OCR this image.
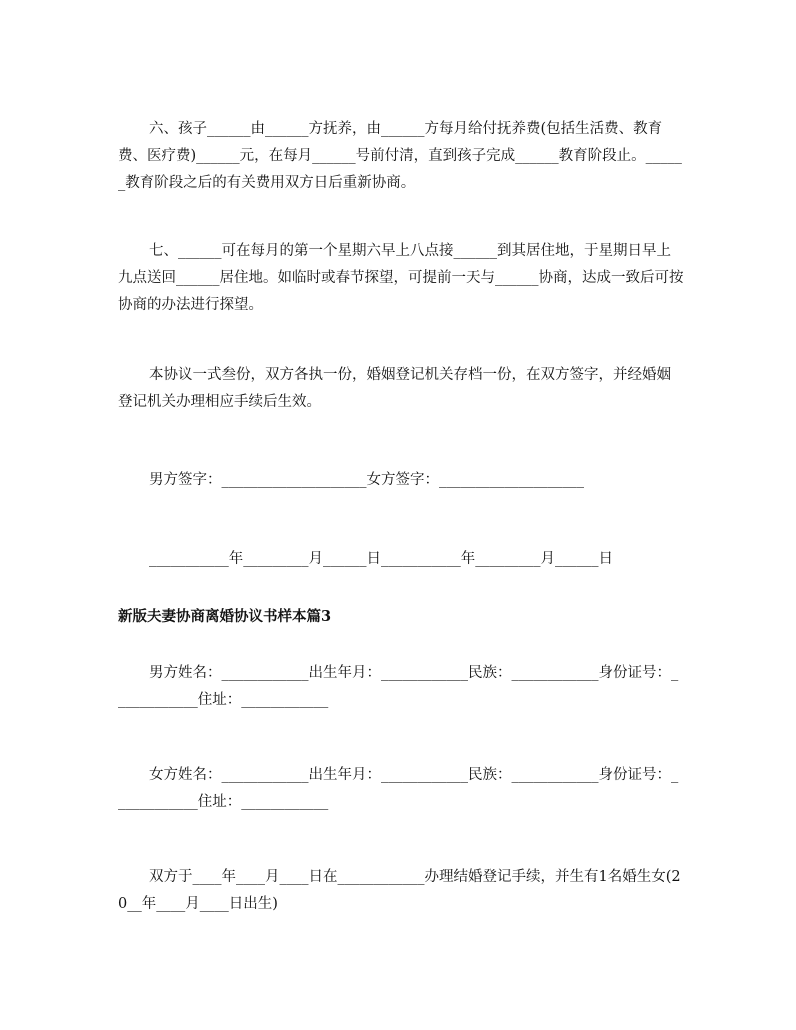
六、孩子______由______方抚养，由______方每月给付抚养费(包括生活费、教育费、医疗费)______元，在每月______号前付清，直到孩子完成______教育阶段止。______教育阶段之后的有关费用双方日后重新协商。
七、______可在每月的第一个星期六早上八点接______到其居住地，于星期日早上九点送回______居住地。如临时或春节探望，可提前一天与______协商，达成一致后可按协商的办法进行探望。
本协议一式叁份，双方各执一份，婚姻登记机关存档一份，在双方签字，并经婚姻登记机关办理相应手续后生效。
男方签字：____________________女方签字：____________________
___________年_________月______日___________年_________月______日
新版夫妻协商离婚协议书样本篇3
男方姓名：____________出生年月：____________民族：____________身份证号：____________住址：____________
女方姓名：____________出生年月：____________民族：____________身份证号：____________住址：____________
双方于____年____月____日在____________办理结婚登记手续，并生有1名婚生女(20__年____月____日出生)
